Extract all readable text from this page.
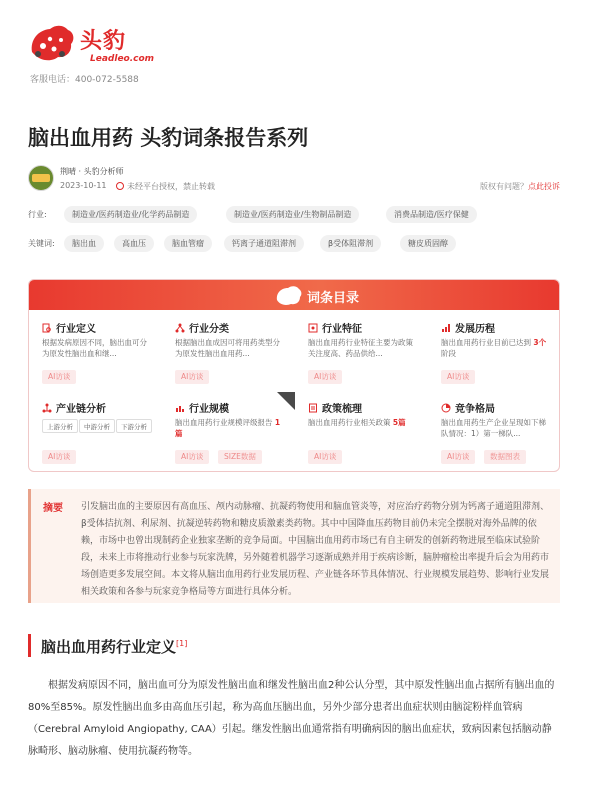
头豹
Leadleo.com
客服电话：400-072-5588
脑出血用药 头豹词条报告系列
荆晴 · 头豹分析师
2023-10-11	未经平台授权，禁止转载	版权有问题？点此投诉
行业:	制造业/医药制造业/化学药品制造	制造业/医药制造业/生物制品制造	消费品制造/医疗保健
关键词:	脑出血	高血压	脑血管瘤	钙离子通道阻滞剂	β受体阻滞剂	糖皮质固醇
词条目录
行业定义
根据发病原因不同，脑出血可分为原发性脑出血和继...
AI访谈
行业分类
根据脑出血成因可将用药类型分为原发性脑出血用药...
AI访谈
行业特征
脑出血用药行业特征主要为政策关注度高、药品供给...
AI访谈
发展历程
脑出血用药行业目前已达到 3个阶段
AI访谈
产业链分析
上游分析	中游分析	下游分析
AI访谈
行业规模
脑出血用药行业规模评级报告 1篇
AI访谈	SIZE数据
政策梳理
脑出血用药行业相关政策 5篇
AI访谈
竞争格局
脑出血用药生产企业呈现如下梯队情况：1）第一梯队...
AI访谈	数据图表
摘要 引发脑出血的主要原因有高血压、颅内动脉瘤、抗凝药物使用和脑血管炎等，对应治疗药物分别为钙离子通道阻滞剂、β受体拮抗剂、利尿剂、抗凝逆转药物和糖皮质激素类药物。其中中国降血压药物目前仍未完全摆脱对海外品牌的依赖，市场中也曾出现制药企业独家垄断的竞争局面。中国脑出血用药市场已有自主研发的创新药物进展至临床试验阶段，未来上市将推动行业参与玩家洗牌，另外随着机器学习逐渐成熟并用于疾病诊断，脑肿瘤检出率提升后会为用药市场创造更多发展空间。本文将从脑出血用药行业发展历程、产业链各环节具体情况、行业规模发展趋势、影响行业发展相关政策和各参与玩家竞争格局等方面进行具体分析。
脑出血用药行业定义[1]
根据发病原因不同，脑出血可分为原发性脑出血和继发性脑出血2种公认分型，其中原发性脑出血占据所有脑出血的80%至85%。原发性脑出血多由高血压引起，称为高血压脑出血，另外少部分患者出血症状则由脑淀粉样血管病（Cerebral Amyloid Angiopathy, CAA）引起。继发性脑出血通常指有明确病因的脑出血症状，致病因素包括脑动静脉畸形、脑动脉瘤、使用抗凝药物等。
